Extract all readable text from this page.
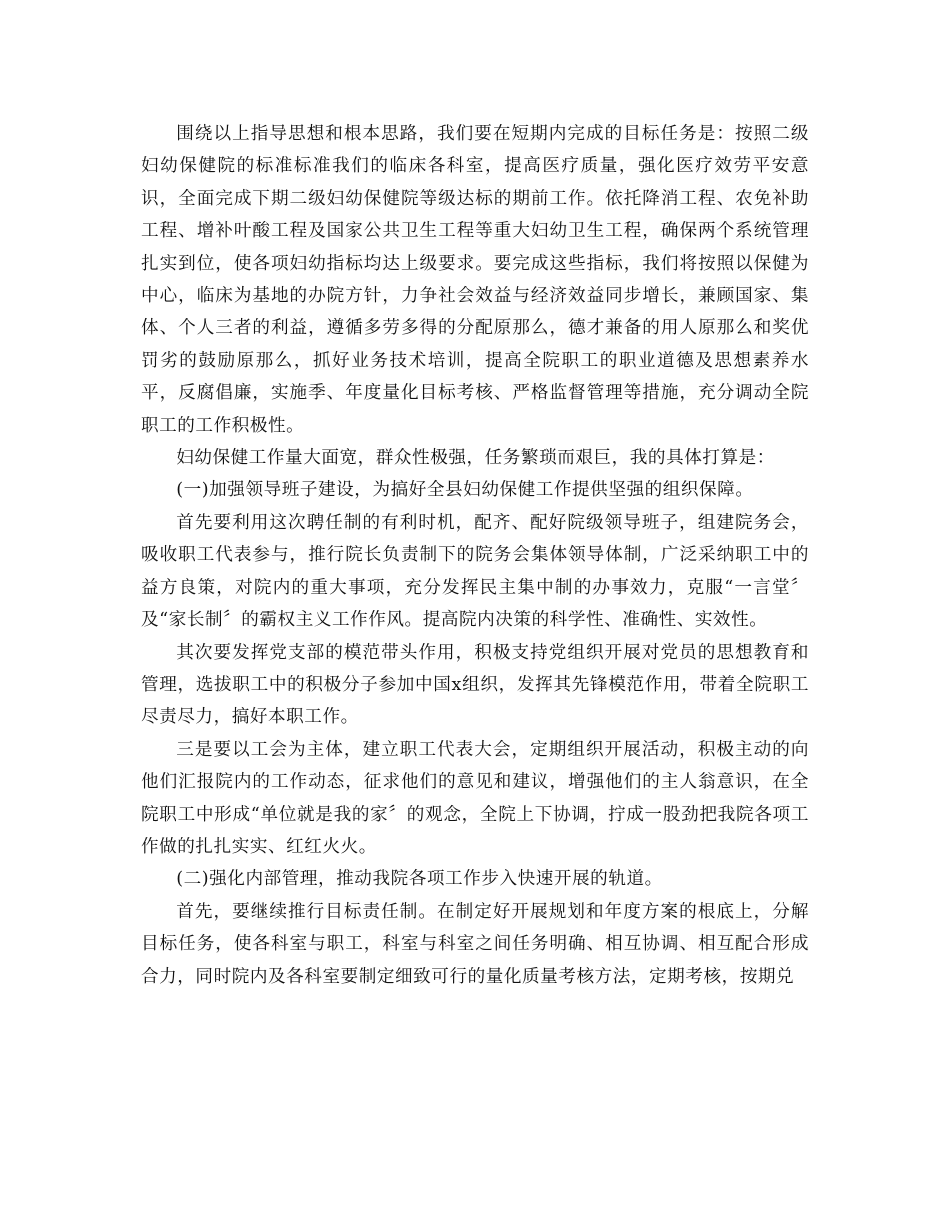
围绕以上指导思想和根本思路，我们要在短期内完成的目标任务是：按照二级妇幼保健院的标准标准我们的临床各科室，提高医疗质量，强化医疗效劳平安意识，全面完成下期二级妇幼保健院等级达标的期前工作。依托降消工程、农免补助工程、增补叶酸工程及国家公共卫生工程等重大妇幼卫生工程，确保两个系统管理扎实到位，使各项妇幼指标均达上级要求。要完成这些指标，我们将按照以保健为中心，临床为基地的办院方针，力争社会效益与经济效益同步增长，兼顾国家、集体、个人三者的利益，遵循多劳多得的分配原那么，德才兼备的用人原那么和奖优罚劣的鼓励原那么，抓好业务技术培训，提高全院职工的职业道德及思想素养水平，反腐倡廉，实施季、年度量化目标考核、严格监督管理等措施，充分调动全院职工的工作积极性。

妇幼保健工作量大面宽，群众性极强，任务繁琐而艰巨，我的具体打算是：

(一)加强领导班子建设，为搞好全县妇幼保健工作提供坚强的组织保障。

首先要利用这次聘任制的有利时机，配齐、配好院级领导班子，组建院务会，吸收职工代表参与，推行院长负责制下的院务会集体领导体制，广泛采纳职工中的益方良策，对院内的重大事项，充分发挥民主集中制的办事效力，克服“一言堂〞及“家长制〞的霸权主义工作作风。提高院内决策的科学性、准确性、实效性。

其次要发挥党支部的模范带头作用，积极支持党组织开展对党员的思想教育和管理，选拔职工中的积极分子参加中国x组织，发挥其先锋模范作用，带着全院职工尽责尽力，搞好本职工作。

三是要以工会为主体，建立职工代表大会，定期组织开展活动，积极主动的向他们汇报院内的工作动态，征求他们的意见和建议，增强他们的主人翁意识，在全院职工中形成“单位就是我的家〞的观念，全院上下协调，拧成一股劲把我院各项工作做的扎扎实实、红红火火。

(二)强化内部管理，推动我院各项工作步入快速开展的轨道。

首先，要继续推行目标责任制。在制定好开展规划和年度方案的根底上，分解目标任务，使各科室与职工，科室与科室之间任务明确、相互协调、相互配合形成合力，同时院内及各科室要制定细致可行的量化质量考核方法，定期考核，按期兑
